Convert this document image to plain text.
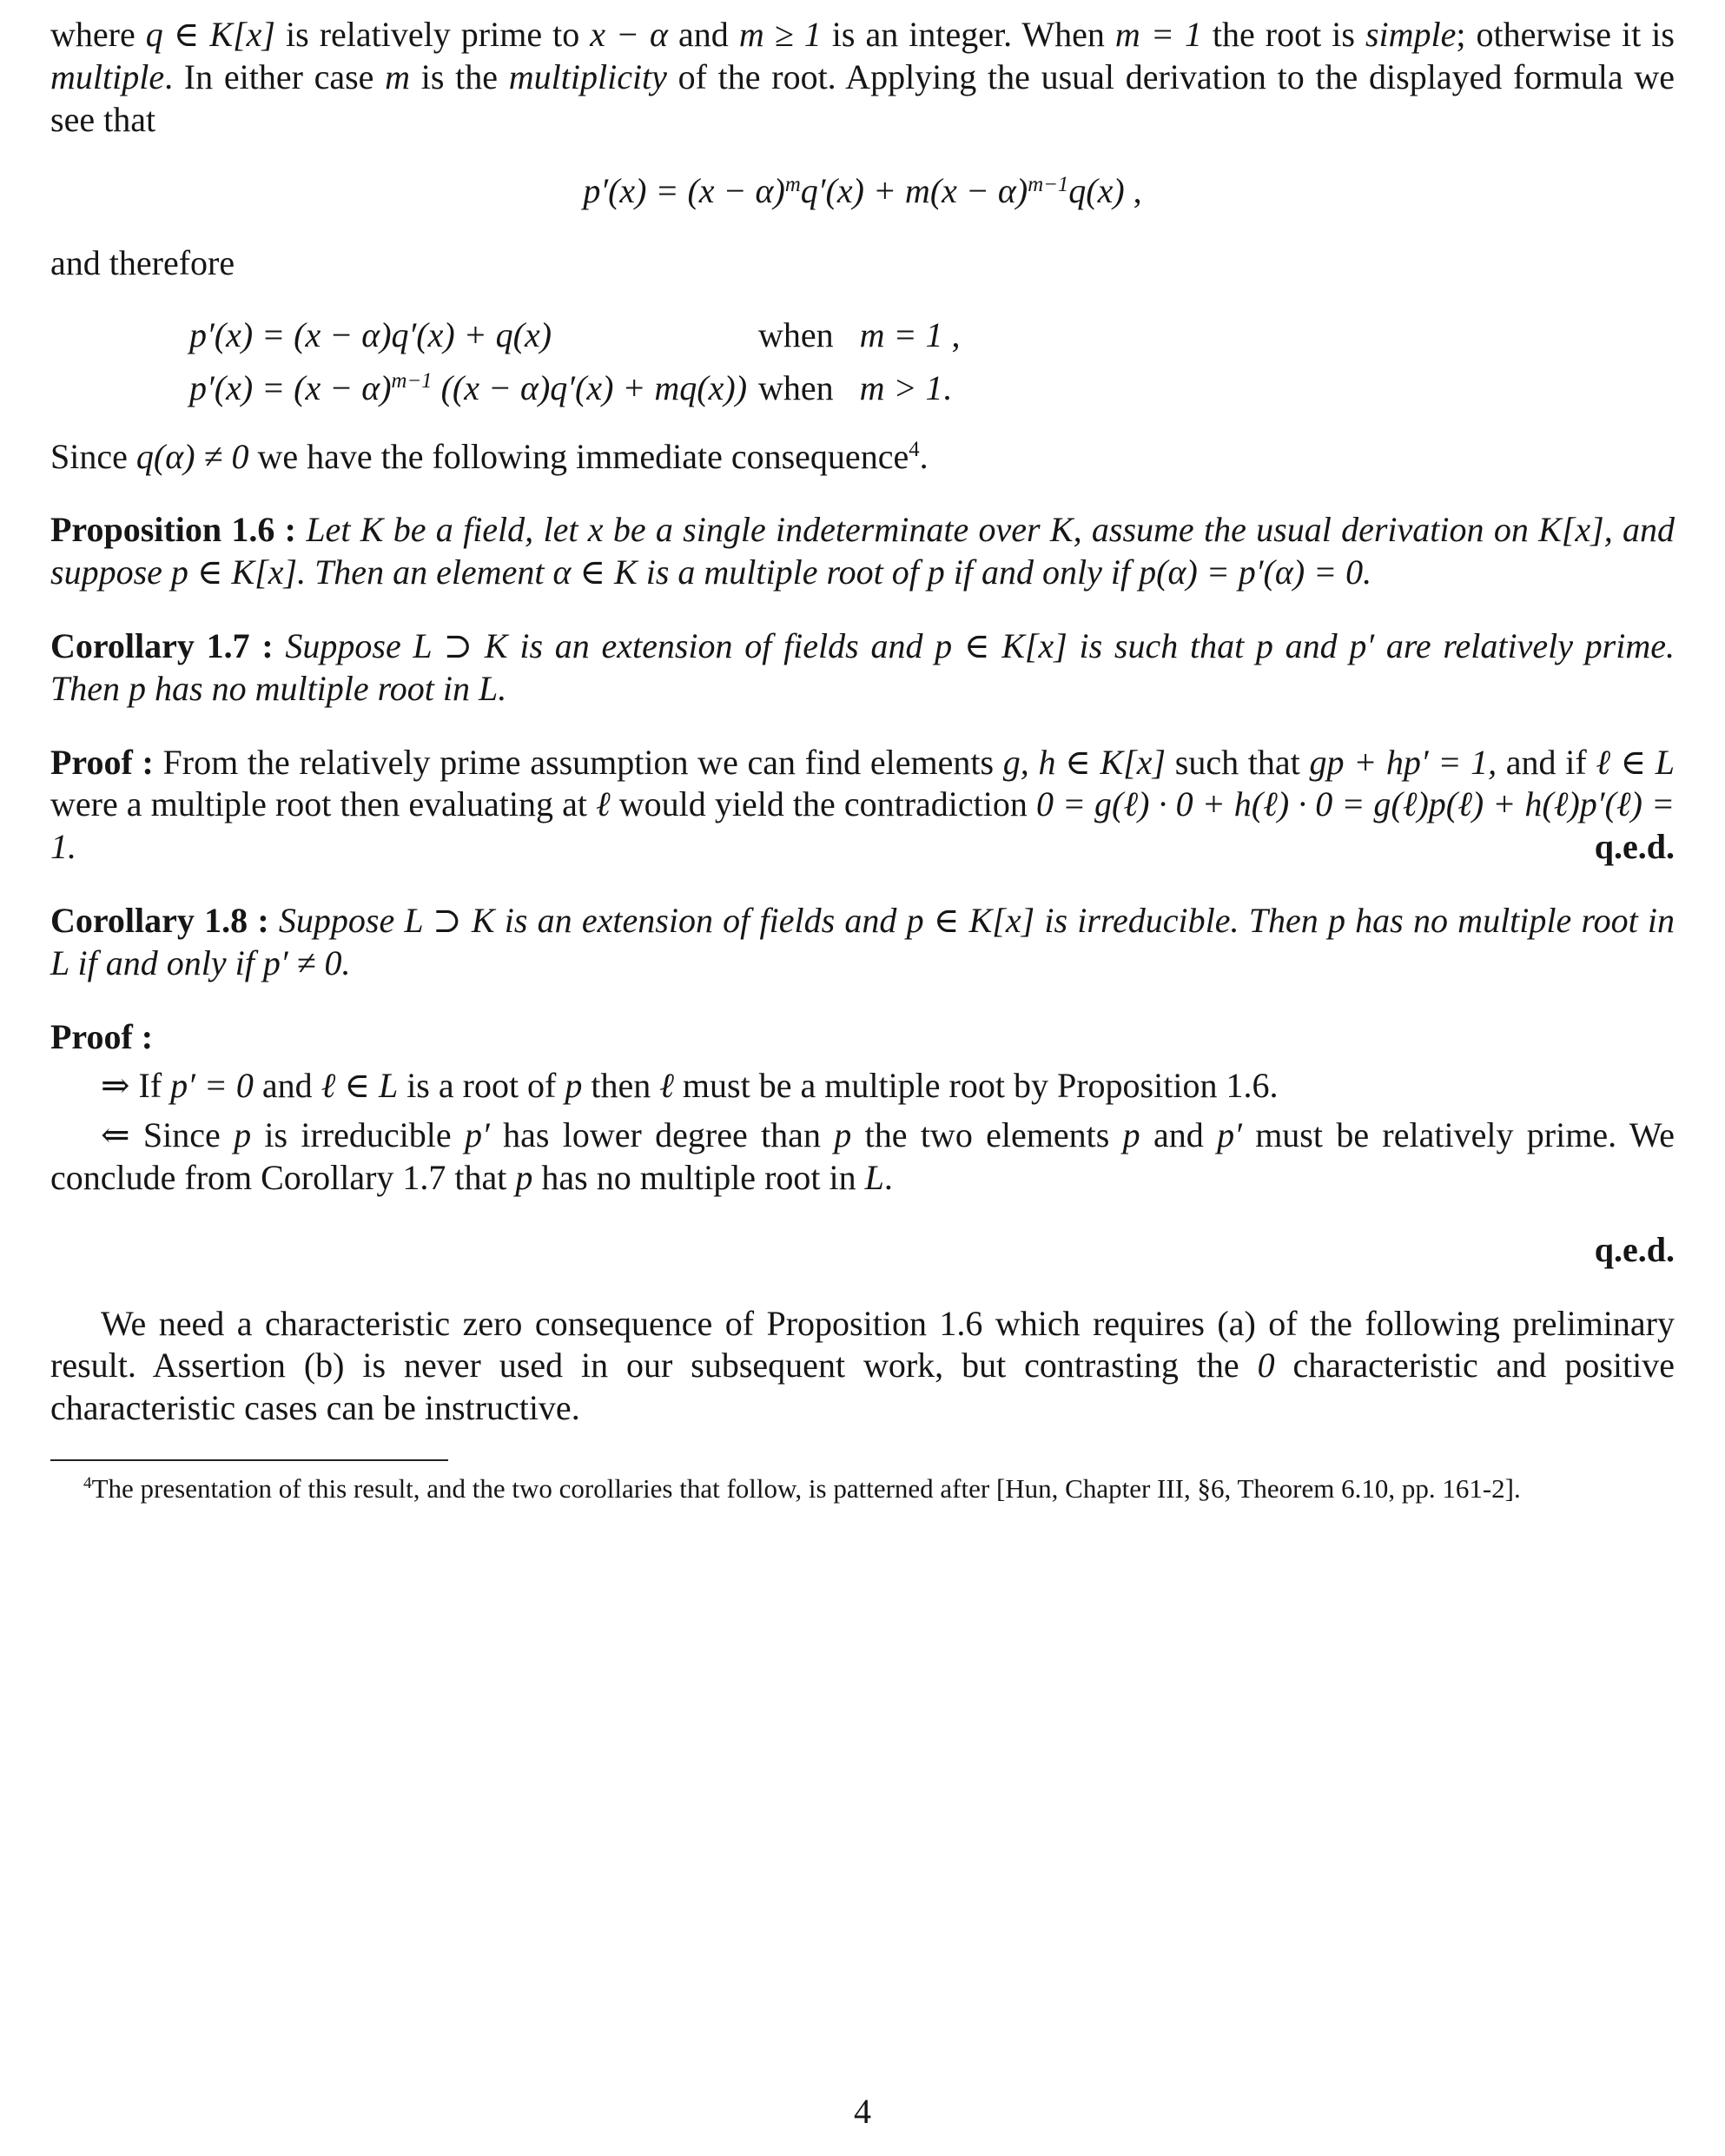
where q ∈ K[x] is relatively prime to x − α and m ≥ 1 is an integer. When m = 1 the root is simple; otherwise it is multiple. In either case m is the multiplicity of the root. Applying the usual derivation to the displayed formula we see that

$p'(x) = (x - \alpha)^mq'(x) + m(x - \alpha)^{m-1}q(x)$ ,

and therefore

p′(x) = (x − α)q′(x) + q(x)	when   m = 1 ,
$p'(x) = (x - \alpha)^{m-1}$ ((x − α)q′(x) + mq(x)) when   m > 1.

Since q(α) ≠ 0 we have the following immediate consequence$^4$.

Proposition 1.6 : Let K be a field, let x be a single indeterminate over K, assume the usual derivation on K[x], and suppose p ∈ K[x]. Then an element α ∈ K is a multiple root of p if and only if p(α) = p′(α) = 0.

Corollary 1.7 : Suppose L ⊃ K is an extension of fields and p ∈ K[x] is such that p and p′ are relatively prime. Then p has no multiple root in L.

Proof : From the relatively prime assumption we can find elements g, h ∈ K[x] such that gp + hp′ = 1, and if ℓ ∈ L were a multiple root then evaluating at ℓ would yield the contradiction 0 = g(ℓ) · 0 + h(ℓ) · 0 = g(ℓ)p(ℓ) + h(ℓ)p′(ℓ) = 1.	q.e.d.

Corollary 1.8 : Suppose L ⊃ K is an extension of fields and p ∈ K[x] is irreducible. Then p has no multiple root in L if and only if p′ ≠ 0.

Proof :

⇒ If p′ = 0 and ℓ ∈ L is a root of p then ℓ must be a multiple root by Proposition 1.6.

⇐ Since p is irreducible p′ has lower degree than p the two elements p and p′ must be relatively prime. We conclude from Corollary 1.7 that p has no multiple root in L.

q.e.d.

We need a characteristic zero consequence of Proposition 1.6 which requires (a) of the following preliminary result. Assertion (b) is never used in our subsequent work, but contrasting the 0 characteristic and positive characteristic cases can be instructive.

$^4$The presentation of this result, and the two corollaries that follow, is patterned after [Hun, Chapter III, §6, Theorem 6.10, pp. 161-2].

4
